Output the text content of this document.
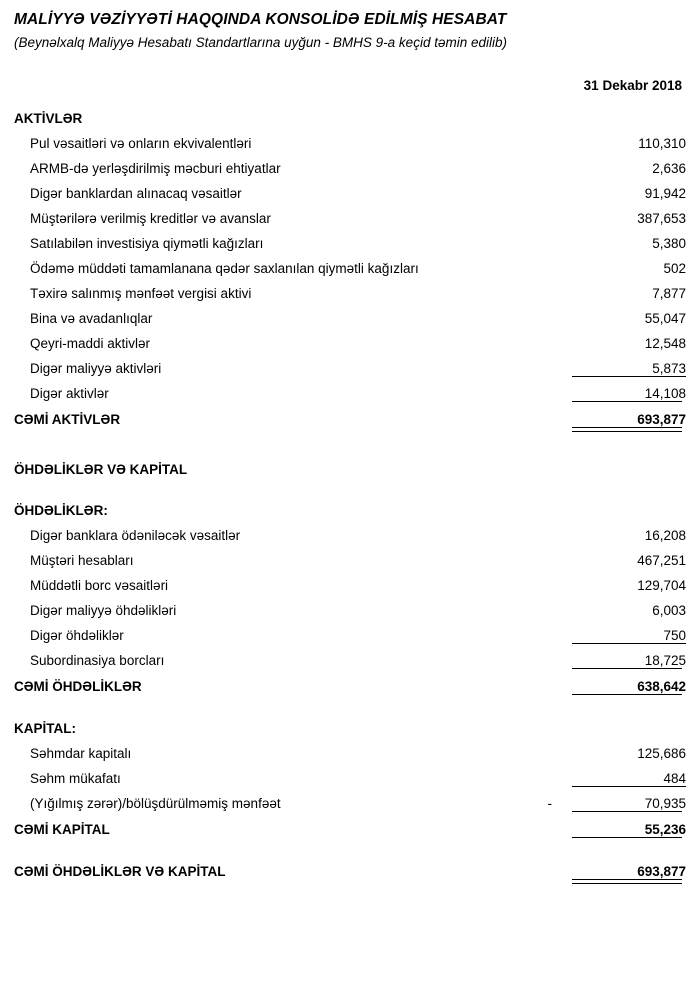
MALİYYƏ VƏZİYYƏTİ HAQQINDA KONSOLİDƏ EDİLMİŞ HESABAT
(Beynəlxalq Maliyyə Hesabatı Standartlarına uyğun - BMHS 9-a keçid təmin edilib)
31 Dekabr 2018
AKTİVLƏR		
Pul vəsaitləri və onların ekvivalentləri		110,310
ARMB-də yerləşdirilmiş məcburi ehtiyatlar		2,636
Digər banklardan alınacaq vəsaitlər		91,942
Müştərilərə verilmiş kreditlər və avanslar		387,653
Satılabilən investisiya qiymətli kağızları		5,380
Ödəmə müddəti tamamlanana qədər saxlanılan qiymətli kağızları		502
Təxirə salınmış mənfəət vergisi aktivi		7,877
Bina və avadanlıqlar		55,047
Qeyri-maddi aktivlər		12,548
Digər maliyyə aktivləri		5,873
Digər aktivlər		14,108

CƏMİ AKTİVLƏR		693,877

ÖHDƏLİKLƏR VƏ KAPİTAL		

ÖHDƏLİKLƏR:		
Digər banklara ödəniləcək vəsaitlər		16,208
Müştəri hesabları		467,251
Müddətli borc vəsaitləri		129,704
Digər maliyyə öhdəlikləri		6,003
Digər öhdəliklər		750
Subordinasiya borcları		18,725

CƏMİ ÖHDƏLİKLƏR		638,642

KAPİTAL:		
Səhmdar kapitalı		125,686
Səhm mükafatı		484
(Yığılmış zərər)/bölüşdürülməmiş mənfəət	-	70,935

CƏMİ KAPİTAL		55,236

CƏMİ ÖHDƏLİKLƏR VƏ KAPİTAL		693,877
